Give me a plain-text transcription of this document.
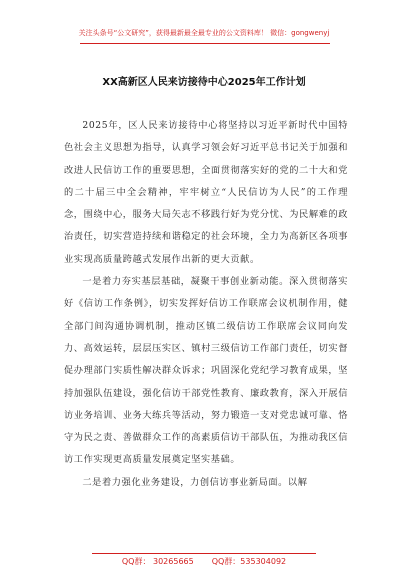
关注头条号“公文研究”，获得最新最全最专业的公文资料库！ 微信：gongwenyj
XX高新区人民来访接待中心2025年工作计划

2025年，区人民来访接待中心将坚持以习近平新时代中国特色社会主义思想为指导，认真学习领会好习近平总书记关于加强和改进人民信访工作的重要思想，全面贯彻落实好的党的二十大和党的二十届三中全会精神，牢牢树立“人民信访为人民”的工作理念，围绕中心，服务大局矢志不移践行好为党分忧、为民解难的政治责任，切实营造持续和谐稳定的社会环境，全力为高新区各项事业实现高质量跨越式发展作出新的更大贡献。

一是着力夯实基层基础，凝聚干事创业新动能。深入贯彻落实好《信访工作条例》，切实发挥好信访工作联席会议机制作用，健全部门间沟通协调机制，推动区镇二级信访工作联席会议同向发力、高效运转，层层压实区、镇村三级信访工作部门责任，切实督促办理部门实质性解决群众诉求；巩固深化党纪学习教育成果，坚持加强队伍建设，强化信访干部党性教育、廉政教育，深入开展信访业务培训、业务大练兵等活动，努力锻造一支对党忠诚可靠、恪守为民之责、善做群众工作的高素质信访干部队伍，为推动我区信访工作实现更高质量发展奠定坚实基础。

二是着力强化业务建设，力创信访事业新局面。以解

QQ群： 30265665 QQ群：535304092
